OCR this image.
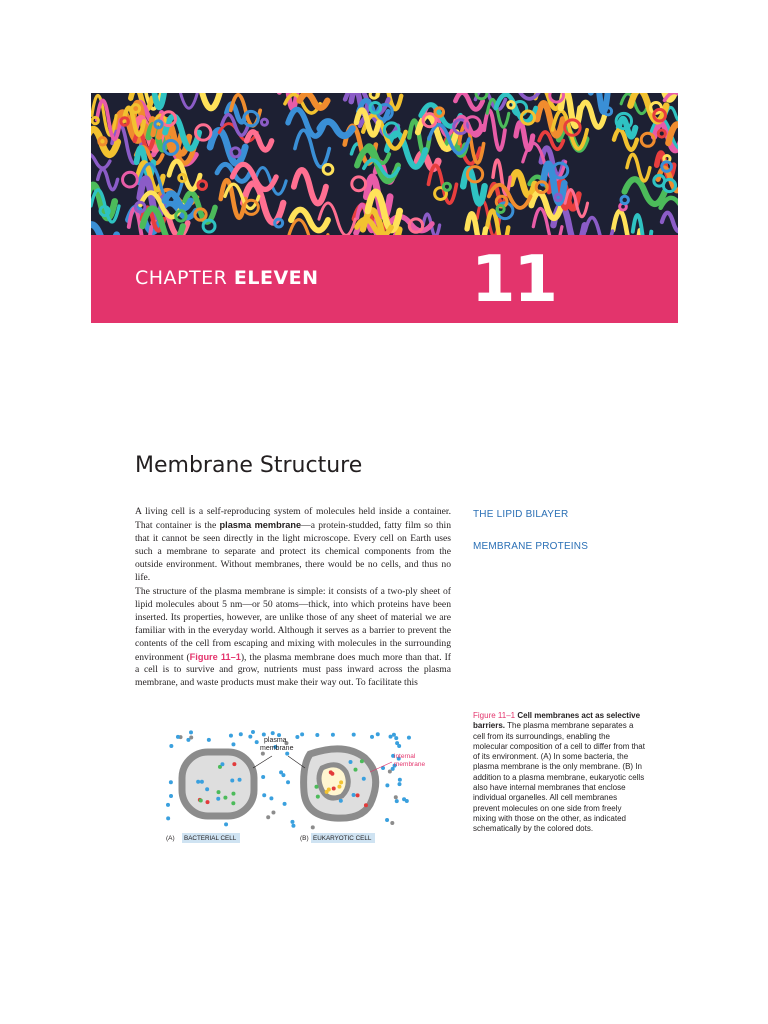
CHAPTER ELEVEN 11
Membrane Structure
A living cell is a self-reproducing system of molecules held inside a container. That container is the plasma membrane—a protein-studded, fatty film so thin that it cannot be seen directly in the light microscope. Every cell on Earth uses such a membrane to separate and protect its chemical components from the outside environment. Without membranes, there would be no cells, and thus no life.
The structure of the plasma membrane is simple: it consists of a two-ply sheet of lipid molecules about 5 nm—or 50 atoms—thick, into which proteins have been inserted. Its properties, however, are unlike those of any sheet of material we are familiar with in the everyday world. Although it serves as a barrier to prevent the contents of the cell from escaping and mixing with molecules in the surrounding environment (Figure 11–1), the plasma membrane does much more than that. If a cell is to survive and grow, nutrients must pass inward across the plasma membrane, and waste products must make their way out. To facilitate this
THE LIPID BILAYER
MEMBRANE PROTEINS
Figure 11–1 Cell membranes act as selective barriers. The plasma membrane separates a cell from its surroundings, enabling the molecular composition of a cell to differ from that of its environment. (A) In some bacteria, the plasma membrane is the only membrane. (B) In addition to a plasma membrane, eukaryotic cells also have internal membranes that enclose individual organelles. All cell membranes prevent molecules on one side from freely mixing with those on the other, as indicated schematically by the colored dots.
plasma
membrane
internal
membrane
(A) BACTERIAL CELL	(B) EUKARYOTIC CELL
